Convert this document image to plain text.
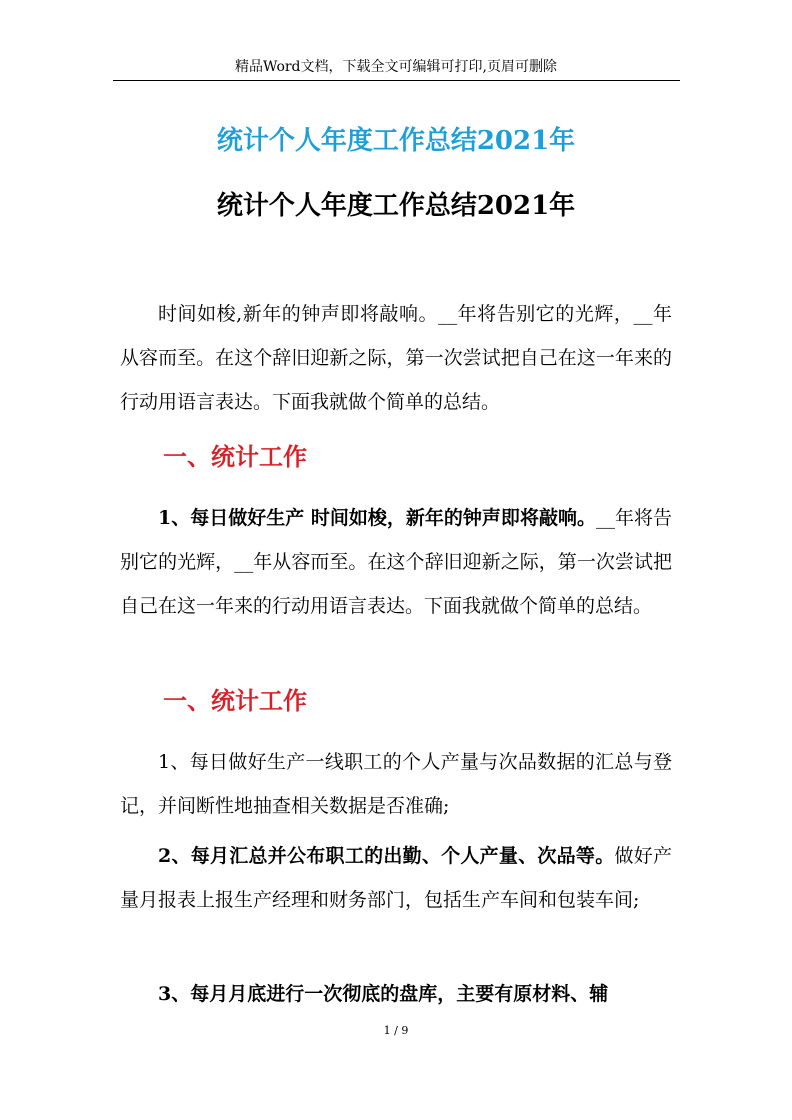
精品Word文档，下载全文可编辑可打印,页眉可删除
统计个人年度工作总结2021年
统计个人年度工作总结2021年

时间如梭,新年的钟声即将敲响。__年将告别它的光辉，__年从容而至。在这个辞旧迎新之际，第一次尝试把自己在这一年来的行动用语言表达。下面我就做个简单的总结。

一、统计工作

1、每日做好生产 时间如梭，新年的钟声即将敲响。__年将告别它的光辉，__年从容而至。在这个辞旧迎新之际，第一次尝试把自己在这一年来的行动用语言表达。下面我就做个简单的总结。

一、统计工作

1、每日做好生产一线职工的个人产量与次品数据的汇总与登记，并间断性地抽查相关数据是否准确;

2、每月汇总并公布职工的出勤、个人产量、次品等。做好产量月报表上报生产经理和财务部门，包括生产车间和包装车间;

3、每月月底进行一次彻底的盘库，主要有原材料、辅

1 / 9
